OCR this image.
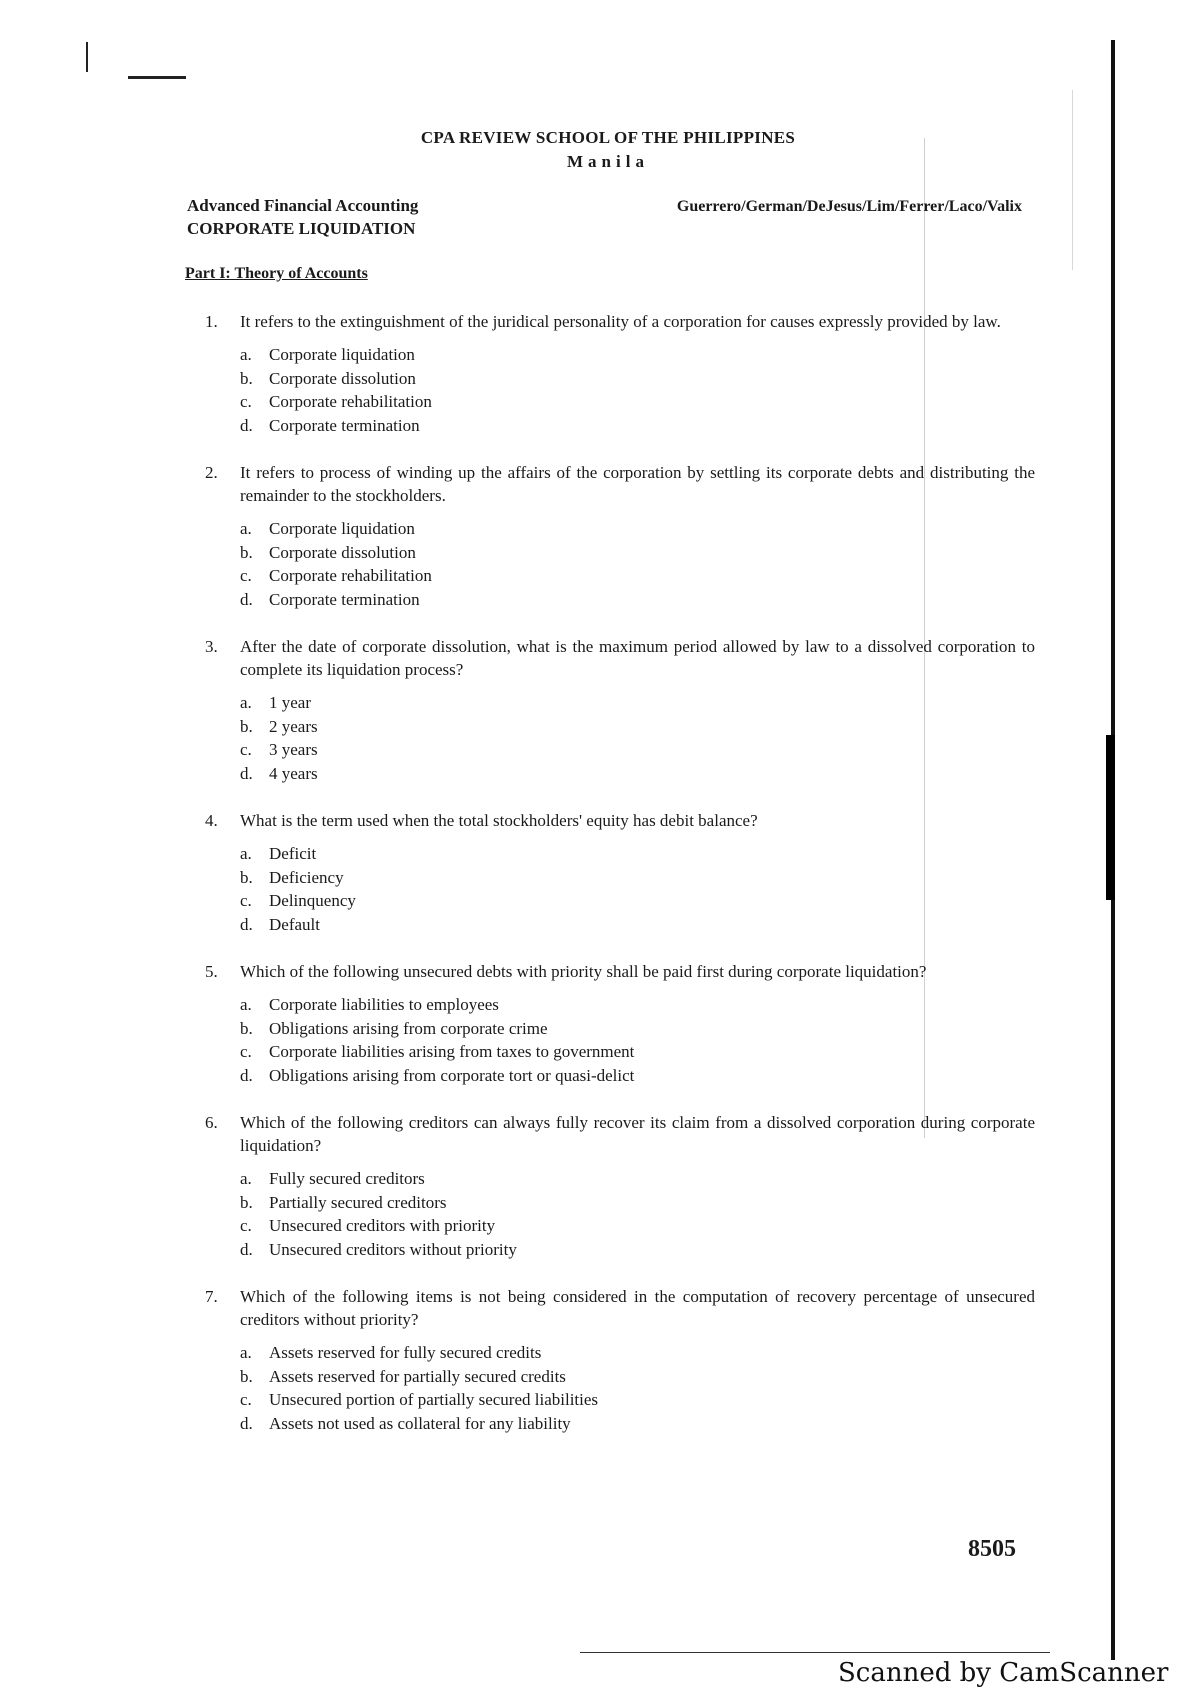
CPA REVIEW SCHOOL OF THE PHILIPPINES
Manila
Advanced Financial Accounting
CORPORATE LIQUIDATION
Guerrero/German/DeJesus/Lim/Ferrer/Laco/Valix
Part I: Theory of Accounts
1.	It refers to the extinguishment of the juridical personality of a corporation for causes expressly provided by law.
a.	Corporate liquidation
b. Corporate dissolution
c.	Corporate rehabilitation
d. Corporate termination
2.	It refers to process of winding up the affairs of the corporation by settling its corporate debts and distributing the remainder to the stockholders.
a.	Corporate liquidation
b. Corporate dissolution
c.	Corporate rehabilitation
d. Corporate termination
3.	After the date of corporate dissolution, what is the maximum period allowed by law to a dissolved corporation to complete its liquidation process?
a.	1 year
b. 2 years
c.	3 years
d. 4 years
4.	What is the term used when the total stockholders' equity has debit balance?
a.	Deficit
b. Deficiency
c.	Delinquency
d. Default
5.	Which of the following unsecured debts with priority shall be paid first during corporate liquidation?
a.	Corporate liabilities to employees
b. Obligations arising from corporate crime
c.	Corporate liabilities arising from taxes to government
d. Obligations arising from corporate tort or quasi-delict
6.	Which of the following creditors can always fully recover its claim from a dissolved corporation during corporate liquidation?
a.	Fully secured creditors
b. Partially secured creditors
c.	Unsecured creditors with priority
d. Unsecured creditors without priority
7.	Which of the following items is not being considered in the computation of recovery percentage of unsecured creditors without priority?
a.	Assets reserved for fully secured credits
b. Assets reserved for partially secured credits
c.	Unsecured portion of partially secured liabilities
d. Assets not used as collateral for any liability
8505
Scanned by CamScanner
